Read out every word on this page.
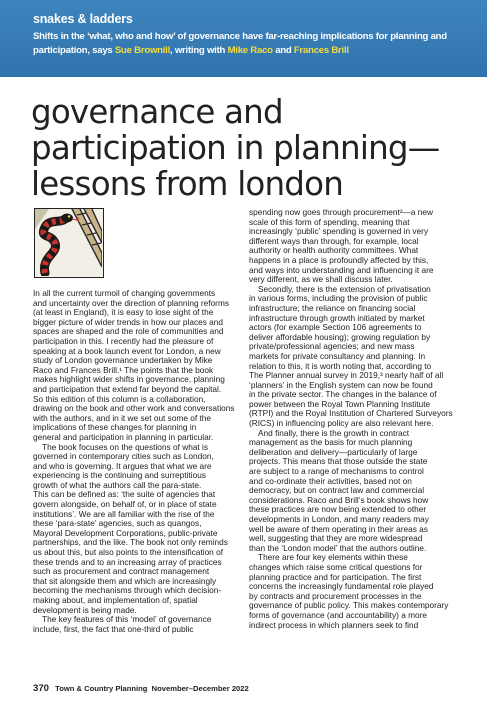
snakes & ladders
Shifts in the ‘what, who and how’ of governance have far-reaching implications for planning and participation, says Sue Brownill, writing with Mike Raco and Frances Brill
governance and
participation in planning—
lessons from london

In all the current turmoil of changing governments
and uncertainty over the direction of planning reforms
(at least in England), it is easy to lose sight of the
bigger picture of wider trends in how our places and
spaces are shaped and the role of communities and
participation in this. I recently had the pleasure of
speaking at a book launch event for London, a new
study of London governance undertaken by Mike
Raco and Frances Brill.¹ The points that the book
makes highlight wider shifts in governance, planning
and participation that extend far beyond the capital.
So this edition of this column is a collaboration,
drawing on the book and other work and conversations
with the authors, and in it we set out some of the
implications of these changes for planning in
general and participation in planning in particular.

The book focuses on the questions of what is
governed in contemporary cities such as London,
and who is governing. It argues that what we are
experiencing is the continuing and surreptitious
growth of what the authors call the para-state.
This can be defined as: ‘the suite of agencies that
govern alongside, on behalf of, or in place of state
institutions’. We are all familiar with the rise of the
these ‘para-state’ agencies, such as quangos,
Mayoral Development Corporations, public-private
partnerships, and the like. The book not only reminds
us about this, but also points to the intensification of
these trends and to an increasing array of practices
such as procurement and contract management
that sit alongside them and which are increasingly
becoming the mechanisms through which decision-
making about, and implementation of, spatial
development is being made.

The key features of this ‘model’ of governance
include, first, the fact that one-third of public

spending now goes through procurement²—a new
scale of this form of spending, meaning that
increasingly ‘public’ spending is governed in very
different ways than through, for example, local
authority or health authority committees. What
happens in a place is profoundly affected by this,
and ways into understanding and influencing it are
very different, as we shall discuss later.

Secondly, there is the extension of privatisation
in various forms, including the provision of public
infrastructure; the reliance on financing social
infrastructure through growth initiated by market
actors (for example Section 106 agreements to
deliver affordable housing); growing regulation by
private/professional agencies; and new mass
markets for private consultancy and planning. In
relation to this, it is worth noting that, according to
The Planner annual survey in 2019,³ nearly half of all
‘planners’ in the English system can now be found
in the private sector. The changes in the balance of
power between the Royal Town Planning Institute
(RTPI) and the Royal Institution of Chartered Surveyors
(RICS) in influencing policy are also relevant here.

And finally, there is the growth in contract
management as the basis for much planning
deliberation and delivery—particularly of large
projects. This means that those outside the state
are subject to a range of mechanisms to control
and co-ordinate their activities, based not on
democracy, but on contract law and commercial
considerations. Raco and Brill’s book shows how
these practices are now being extended to other
developments in London, and many readers may
well be aware of them operating in their areas as
well, suggesting that they are more widespread
than the ‘London model’ that the authors outline.

There are four key elements within these
changes which raise some critical questions for
planning practice and for participation. The first
concerns the increasingly fundamental role played
by contracts and procurement processes in the
governance of public policy. This makes contemporary
forms of governance (and accountability) a more
indirect process in which planners seek to find

370 Town & Country Planning November–December 2022
